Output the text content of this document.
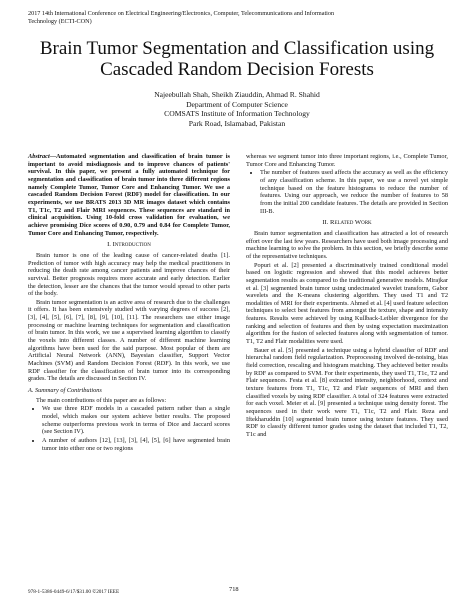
2017 14th International Conference on Electrical Engineering/Electronics, Computer, Telecommunications and Information Technology (ECTI-CON)
Brain Tumor Segmentation and Classification using Cascaded Random Decision Forests
Najeebullah Shah, Sheikh Ziauddin, Ahmad R. Shahid
Department of Computer Science
COMSATS Institute of Information Technology
Park Road, Islamabad, Pakistan

Abstract—Automated segmentation and classification of brain tumor is important to avoid misdiagnosis and to improve chances of patients' survival. In this paper, we present a fully automated technique for segmentation and classification of brain tumor into three different regions namely Complete Tumor, Tumor Core and Enhancing Tumor. We use a cascaded Random Decision Forest (RDF) model for classification. In our experiments, we use BRATS 2013 3D MR images dataset which contains T1, T1c, T2 and Flair MRI sequences. These sequences are standard in clinical acquisition. Using 10-fold cross validation for evaluation, we achieve promising Dice scores of 0.90, 0.79 and 0.84 for Complete Tumor, Tumor Core and Enhancing Tumor, respectively.

I. Introduction

Brain tumor is one of the leading cause of cancer-related deaths [1]. Prediction of tumor with high accuracy may help the medical practitioners in reducing the death rate among cancer patients and improve chances of their survival. Better prognosis requires more accurate and early detection. Earlier the detection, lesser are the chances that the tumor would spread to other parts of the body.

Brain tumor segmentation is an active area of research due to the challenges it offers. It has been extensively studied with varying degrees of success [2], [3], [4], [5], [6], [7], [8], [9], [10], [11]. The researchers use either image processing or machine learning techniques for segmentation and classification of brain tumor. In this work, we use a supervised learning algorithm to classify the voxels into different classes. A number of different machine learning algorithms have been used for the said purpose. Most popular of them are Artificial Neural Network (ANN), Bayesian classifier, Support Vector Machines (SVM) and Random Decision Forest (RDF). In this work, we use RDF classifier for the classification of brain tumor into its corresponding grades. The details are discussed in Section IV.

A. Summary of Contributions

The main contributions of this paper are as follows:

• We use three RDF models in a cascaded pattern rather than a single model, which makes our system achieve better results. The proposed scheme outperforms previous work in terms of Dice and Jaccard scores (see Section IV).
• A number of authors [12], [13], [3], [4], [5], [6] have segmented brain tumor into either one or two regions

whereas we segment tumor into three important regions, i.e., Complete Tumor, Tumor Core and Enhancing Tumor.

• The number of features used affects the accuracy as well as the efficiency of any classification scheme. In this paper, we use a novel yet simple technique based on the feature histograms to reduce the number of features. Using our approach, we reduce the number of features to 58 from the initial 200 candidate features. The details are provided in Section III-B.
II. Related Work

Brain tumor segmentation and classification has attracted a lot of research effort over the last few years. Researchers have used both image processing and machine learning to solve the problem. In this section, we briefly describe some of the representative techniques.

Popuri et al. [2] presented a discriminatively trained conditional model based on logistic regression and showed that this model achieves better segmentation results as compared to the traditional generative models. Mirajkar et al. [3] segmented brain tumor using undecimated wavelet transform, Gabor wavelets and the K-means clustering algorithm. They used T1 and T2 modalities of MRI for their experiments. Ahmed et al. [4] used feature selection techniques to select best features from amongst the texture, shape and intensity features. Results were achieved by using Kullback-Leibler divergence for the ranking and selection of features and then by using expectation maximization algorithm for the fusion of selected features along with segmentation of tumor. T1, T2 and Flair modalities were used.

Bauer et al. [5] presented a technique using a hybrid classifier of RDF and hierarchal random field regularization. Preprocessing involved de-noising, bias field correction, rescaling and histogram matching. They achieved better results by RDF as compared to SVM. For their experiments, they used T1, T1c, T2 and Flair sequences. Festa et al. [8] extracted intensity, neighborhood, context and texture features from T1, T1c, T2 and Flair sequences of MRI and then classified voxels by using RDF classifier. A total of 324 features were extracted for each voxel. Meier et al. [9] presented a technique using density forest. The sequences used in their work were T1, T1c, T2 and Flair. Reza and Iftekharuddin [10] segmented brain tumor using texture features. They used RDF to classify different tumor grades using the dataset that included T1, T2, T1c and

978-1-5386-0449-6/17/$31.00 ©2017 IEEE	718
